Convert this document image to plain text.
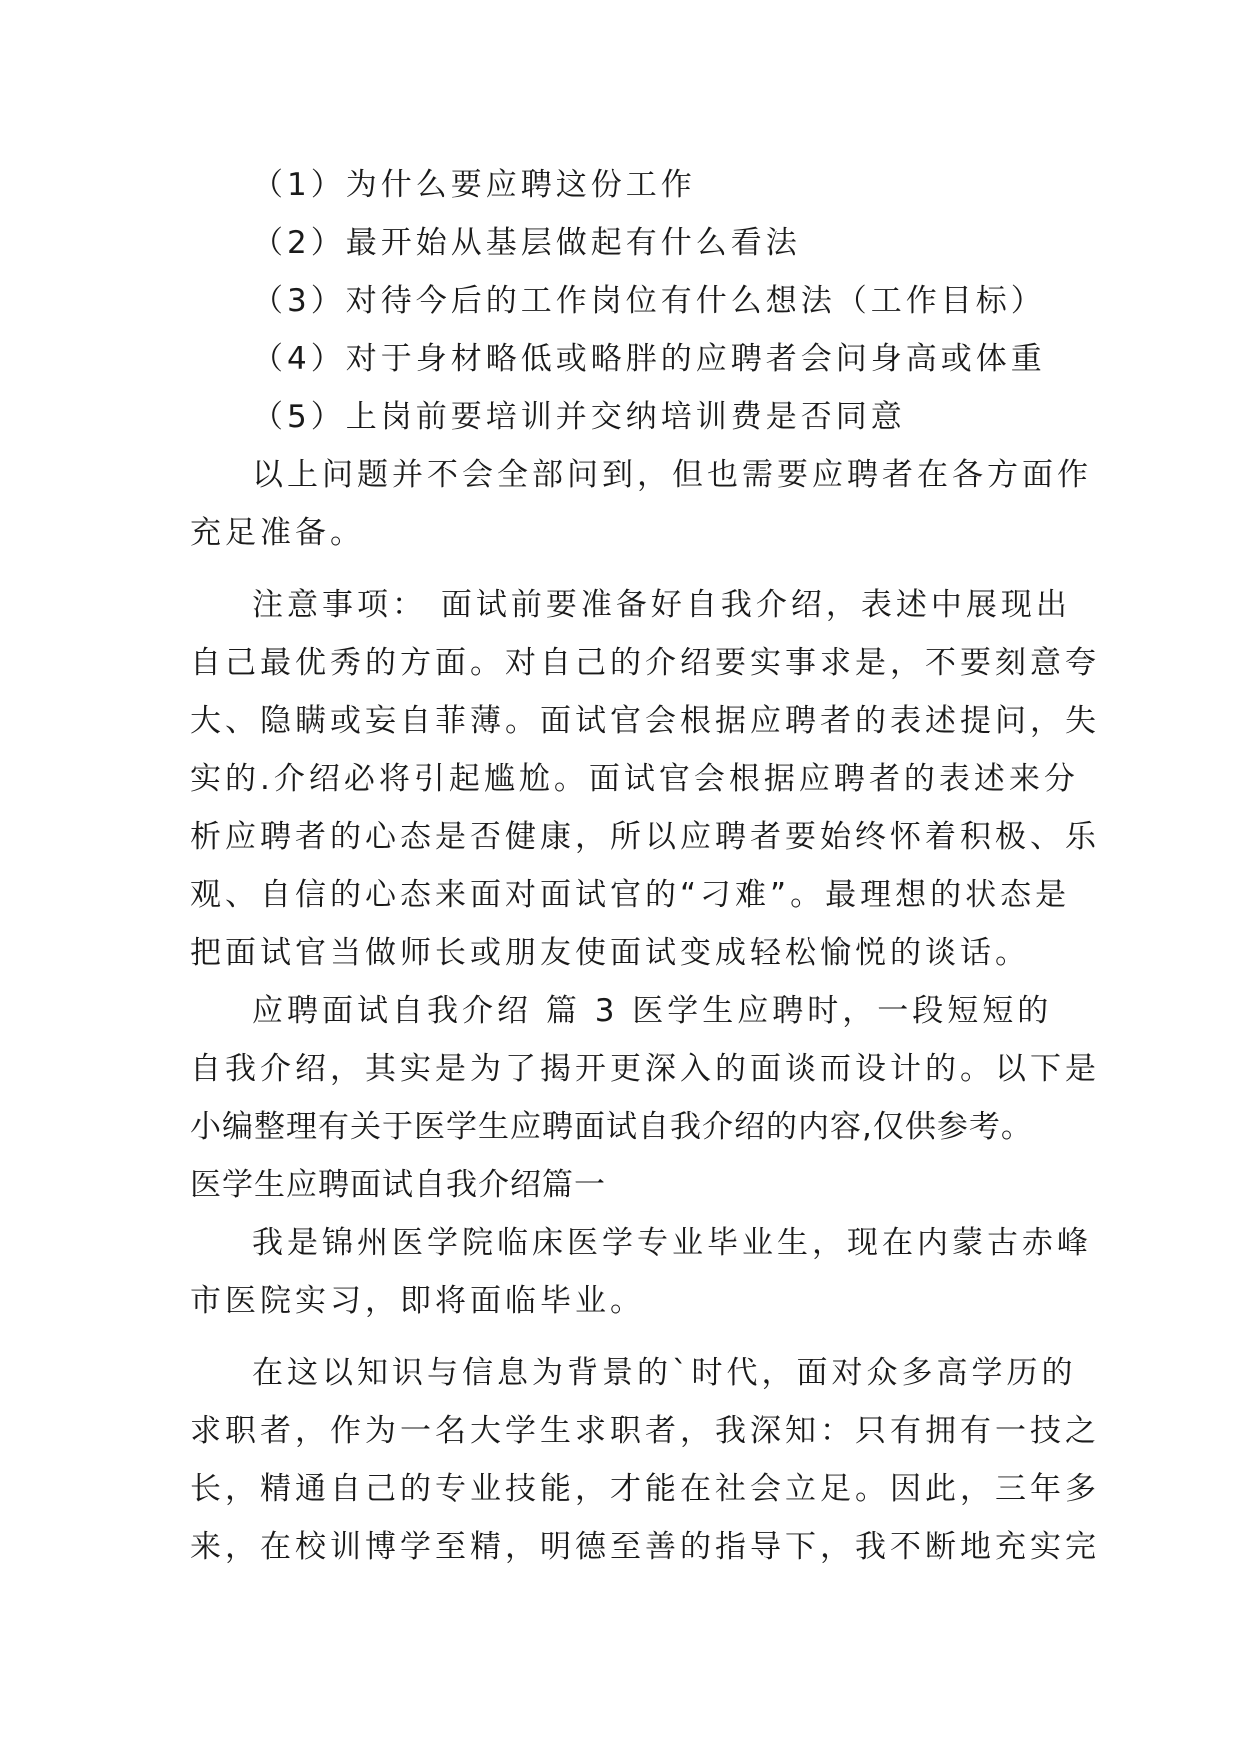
（1）为什么要应聘这份工作
（2）最开始从基层做起有什么看法
（3）对待今后的工作岗位有什么想法（工作目标）
（4）对于身材略低或略胖的应聘者会问身高或体重
（5）上岗前要培训并交纳培训费是否同意
以上问题并不会全部问到，但也需要应聘者在各方面作
充足准备。
注意事项： 面试前要准备好自我介绍，表述中展现出
自己最优秀的方面。对自己的介绍要实事求是，不要刻意夸
大、隐瞒或妄自菲薄。面试官会根据应聘者的表述提问，失
实的.介绍必将引起尴尬。面试官会根据应聘者的表述来分
析应聘者的心态是否健康，所以应聘者要始终怀着积极、乐
观、自信的心态来面对面试官的“刁难”。最理想的状态是
把面试官当做师长或朋友使面试变成轻松愉悦的谈话。
应聘面试自我介绍 篇 3 医学生应聘时，一段短短的
自我介绍，其实是为了揭开更深入的面谈而设计的。以下是
小编整理有关于医学生应聘面试自我介绍的内容,仅供参考。
医学生应聘面试自我介绍篇一
我是锦州医学院临床医学专业毕业生，现在内蒙古赤峰
市医院实习，即将面临毕业。
在这以知识与信息为背景的`时代，面对众多高学历的
求职者，作为一名大学生求职者，我深知：只有拥有一技之
长，精通自己的专业技能，才能在社会立足。因此，三年多
来，在校训博学至精，明德至善的指导下，我不断地充实完
